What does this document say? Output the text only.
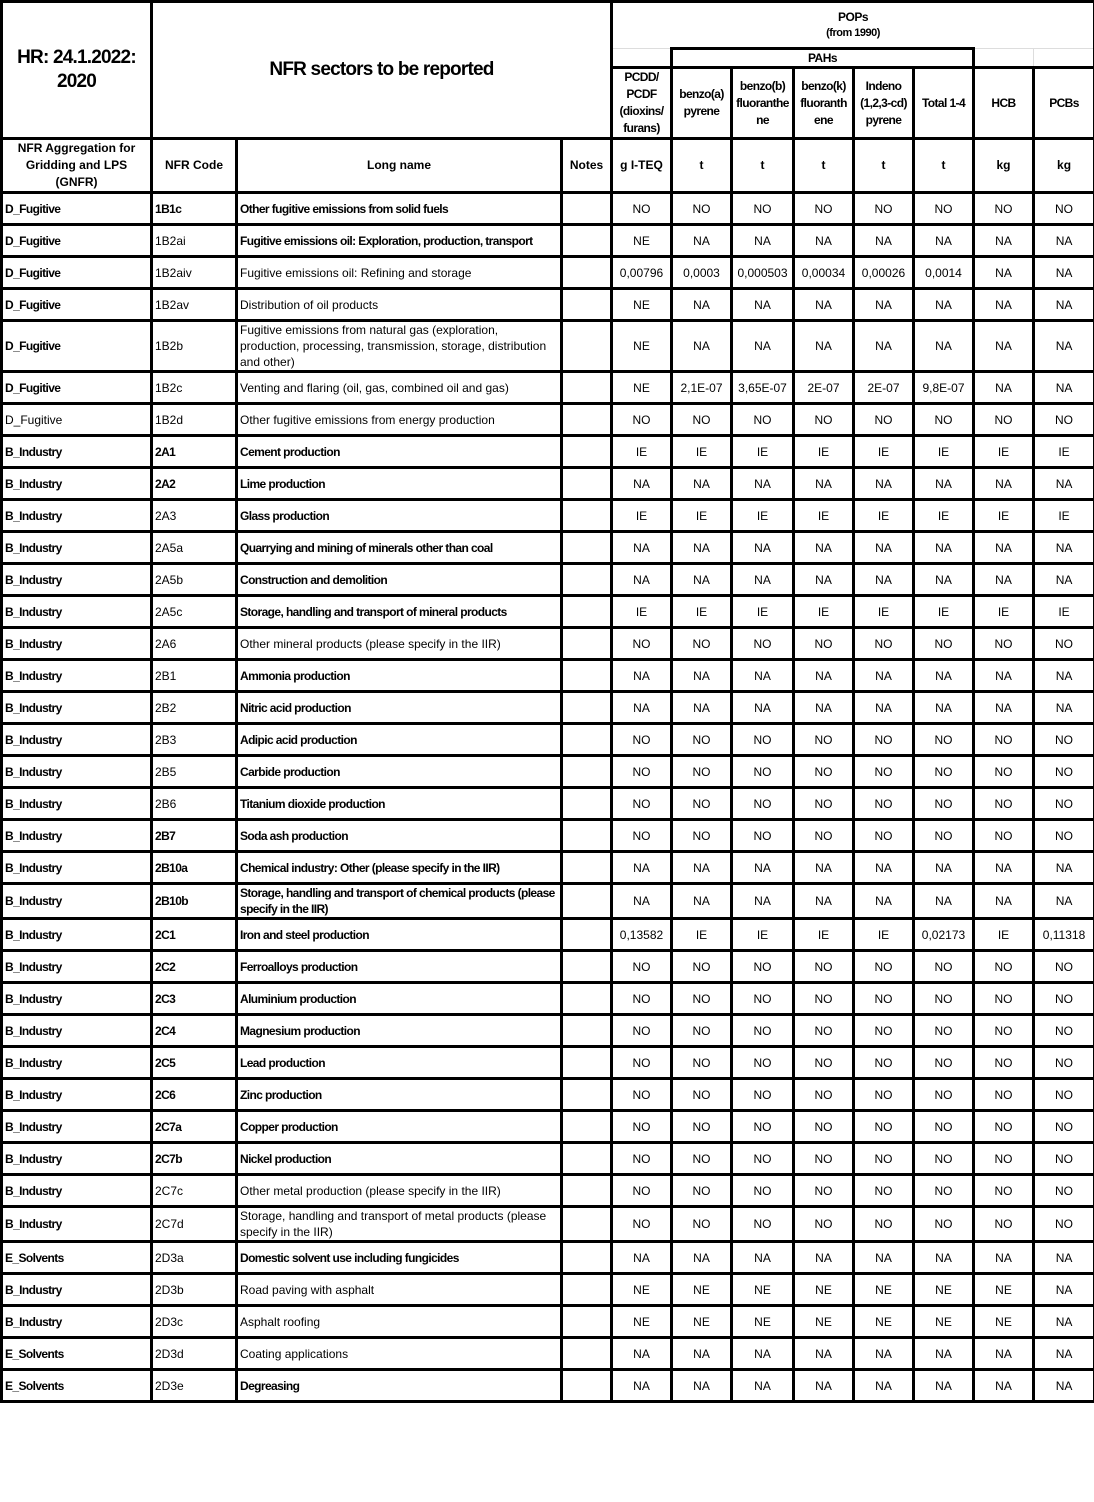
HR: 24.1.2022:
2020
	NFR sectors to be reported	
POPs
(from 1990)

					PAHs						
				PCDD/ PCDF (dioxins/ furans)	benzo(a) pyrene	benzo(b) fluoranthe ne	benzo(k) fluoranth ene	Indeno (1,2,3-cd) pyrene	Total 1-4	HCB	PCBs
NFR Aggregation for Gridding and LPS (GNFR)	NFR Code	Long name	Notes	g I-TEQ	t	t	t	t	t	kg	kg
D_Fugitive	1B1c	Other fugitive emissions from solid fuels		NO	NO	NO	NO	NO	NO	NO	NO
D_Fugitive	1B2ai	Fugitive emissions oil: Exploration, production, transport		NE	NA	NA	NA	NA	NA	NA	NA
D_Fugitive	1B2aiv	Fugitive emissions oil: Refining and storage		0,00796	0,0003	0,000503	0,00034	0,00026	0,0014	NA	NA
D_Fugitive	1B2av	Distribution of oil products		NE	NA	NA	NA	NA	NA	NA	NA
D_Fugitive	1B2b	Fugitive emissions from natural gas (exploration, production, processing, transmission, storage, distribution and other)		NE	NA	NA	NA	NA	NA	NA	NA
D_Fugitive	1B2c	Venting and flaring (oil, gas, combined oil and gas)		NE	2,1E-07	3,65E-07	2E-07	2E-07	9,8E-07	NA	NA
D_Fugitive	1B2d	Other fugitive emissions from energy production		NO	NO	NO	NO	NO	NO	NO	NO
B_Industry	2A1	Cement production		IE	IE	IE	IE	IE	IE	IE	IE
B_Industry	2A2	Lime production		NA	NA	NA	NA	NA	NA	NA	NA
B_Industry	2A3	Glass production		IE	IE	IE	IE	IE	IE	IE	IE
B_Industry	2A5a	Quarrying and mining of minerals other than coal		NA	NA	NA	NA	NA	NA	NA	NA
B_Industry	2A5b	Construction and demolition		NA	NA	NA	NA	NA	NA	NA	NA
B_Industry	2A5c	Storage, handling and transport of mineral products		IE	IE	IE	IE	IE	IE	IE	IE
B_Industry	2A6	Other mineral products (please specify in the IIR)		NO	NO	NO	NO	NO	NO	NO	NO
B_Industry	2B1	Ammonia production		NA	NA	NA	NA	NA	NA	NA	NA
B_Industry	2B2	Nitric acid production		NA	NA	NA	NA	NA	NA	NA	NA
B_Industry	2B3	Adipic acid production		NO	NO	NO	NO	NO	NO	NO	NO
B_Industry	2B5	Carbide production		NO	NO	NO	NO	NO	NO	NO	NO
B_Industry	2B6	Titanium dioxide production		NO	NO	NO	NO	NO	NO	NO	NO
B_Industry	2B7	Soda ash production		NO	NO	NO	NO	NO	NO	NO	NO
B_Industry	2B10a	Chemical industry: Other (please specify in the IIR)		NA	NA	NA	NA	NA	NA	NA	NA
B_Industry	2B10b	Storage, handling and transport of chemical products (please specify in the IIR)		NA	NA	NA	NA	NA	NA	NA	NA
B_Industry	2C1	Iron and steel production		0,13582	IE	IE	IE	IE	0,02173	IE	0,11318
B_Industry	2C2	Ferroalloys production		NO	NO	NO	NO	NO	NO	NO	NO
B_Industry	2C3	Aluminium production		NO	NO	NO	NO	NO	NO	NO	NO
B_Industry	2C4	Magnesium production		NO	NO	NO	NO	NO	NO	NO	NO
B_Industry	2C5	Lead production		NO	NO	NO	NO	NO	NO	NO	NO
B_Industry	2C6	Zinc production		NO	NO	NO	NO	NO	NO	NO	NO
B_Industry	2C7a	Copper production		NO	NO	NO	NO	NO	NO	NO	NO
B_Industry	2C7b	Nickel production		NO	NO	NO	NO	NO	NO	NO	NO
B_Industry	2C7c	Other metal production (please specify in the IIR)		NO	NO	NO	NO	NO	NO	NO	NO
B_Industry	2C7d	Storage, handling and transport of metal products (please specify in the IIR)		NO	NO	NO	NO	NO	NO	NO	NO
E_Solvents	2D3a	Domestic solvent use including fungicides		NA	NA	NA	NA	NA	NA	NA	NA
B_Industry	2D3b	Road paving with asphalt		NE	NE	NE	NE	NE	NE	NE	NA
B_Industry	2D3c	Asphalt roofing		NE	NE	NE	NE	NE	NE	NE	NA
E_Solvents	2D3d	Coating applications		NA	NA	NA	NA	NA	NA	NA	NA
E_Solvents	2D3e	Degreasing		NA	NA	NA	NA	NA	NA	NA	NA
